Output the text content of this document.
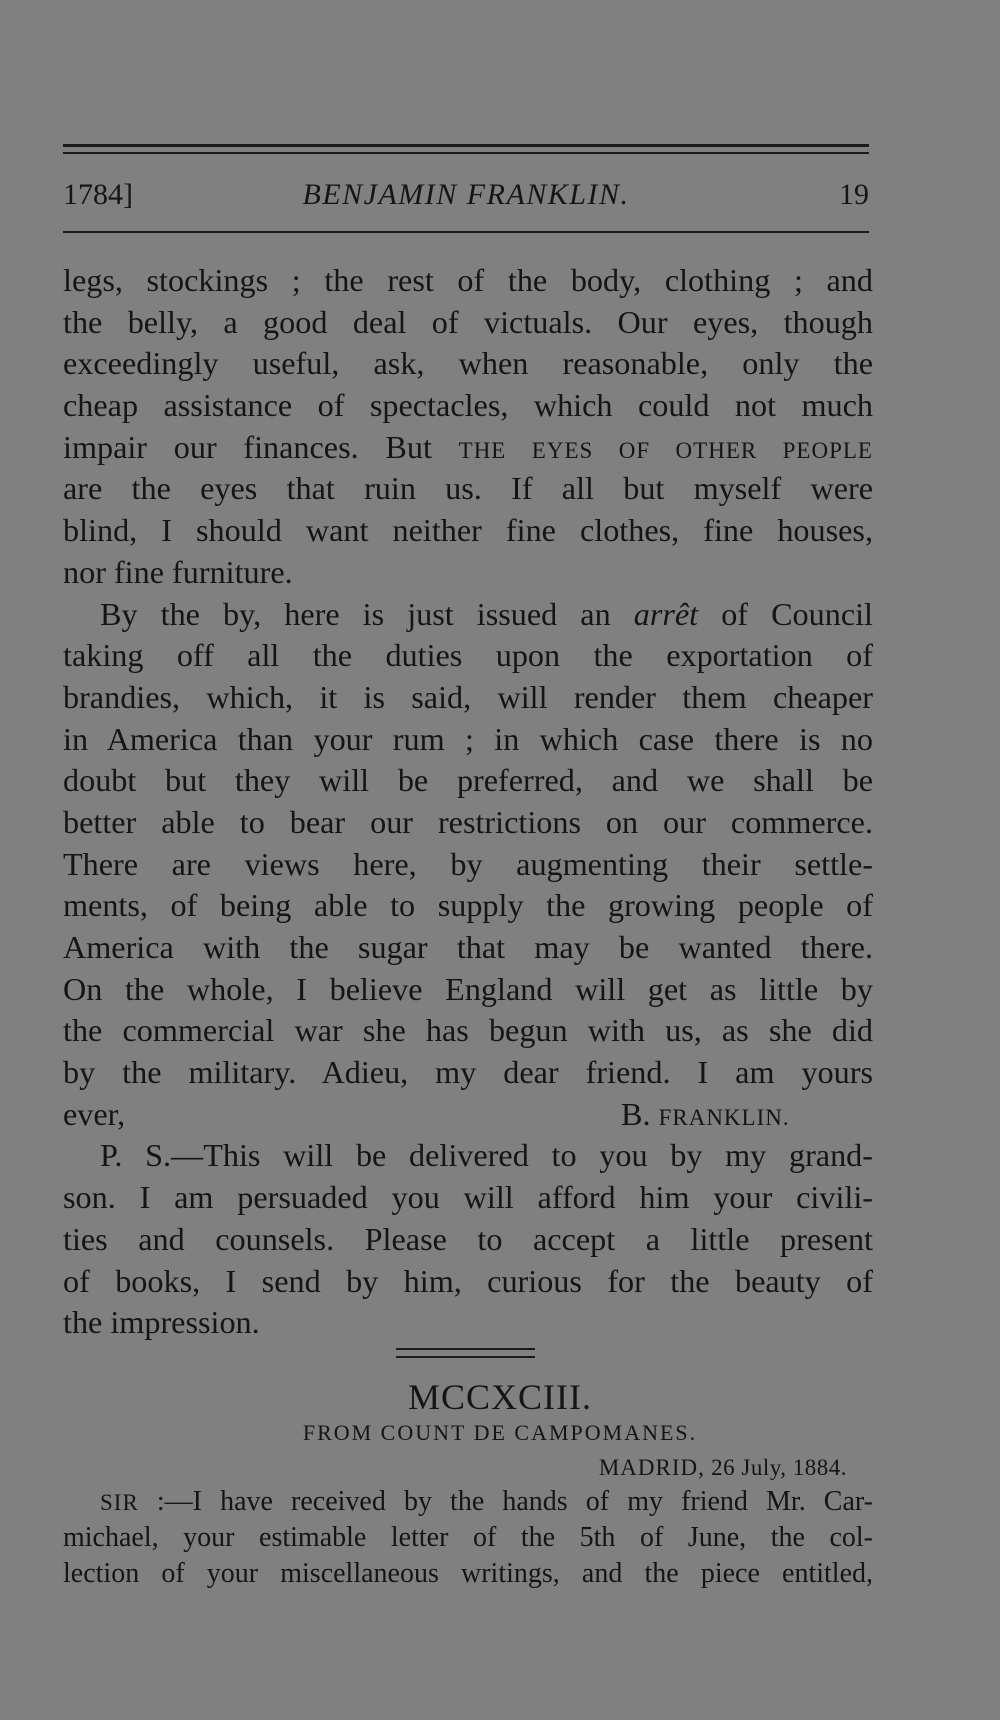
1784]	BENJAMIN FRANKLIN.	19
legs, stockings ; the rest of the body, clothing ; and
the belly, a good deal of victuals. Our eyes, though
exceedingly useful, ask, when reasonable, only the
cheap assistance of spectacles, which could not much
impair our finances. But THE EYES OF OTHER PEOPLE
are the eyes that ruin us. If all but myself were
blind, I should want neither fine clothes, fine houses,
nor fine furniture.
By the by, here is just issued an arrêt of Council
taking off all the duties upon the exportation of
brandies, which, it is said, will render them cheaper
in America than your rum ; in which case there is no
doubt but they will be preferred, and we shall be
better able to bear our restrictions on our commerce.
There are views here, by augmenting their settle-
ments, of being able to supply the growing people of
America with the sugar that may be wanted there.
On the whole, I believe England will get as little by
the commercial war she has begun with us, as she did
by the military. Adieu, my dear friend. I am yours
ever,	B. FRANKLIN.
P. S.—This will be delivered to you by my grand-
son. I am persuaded you will afford him your civili-
ties and counsels. Please to accept a little present
of books, I send by him, curious for the beauty of
the impression.
MCCXCIII.
FROM COUNT DE CAMPOMANES.
MADRID, 26 July, 1884.
SIR :—I have received by the hands of my friend Mr. Car-
michael, your estimable letter of the 5th of June, the col-
lection of your miscellaneous writings, and the piece entitled,
